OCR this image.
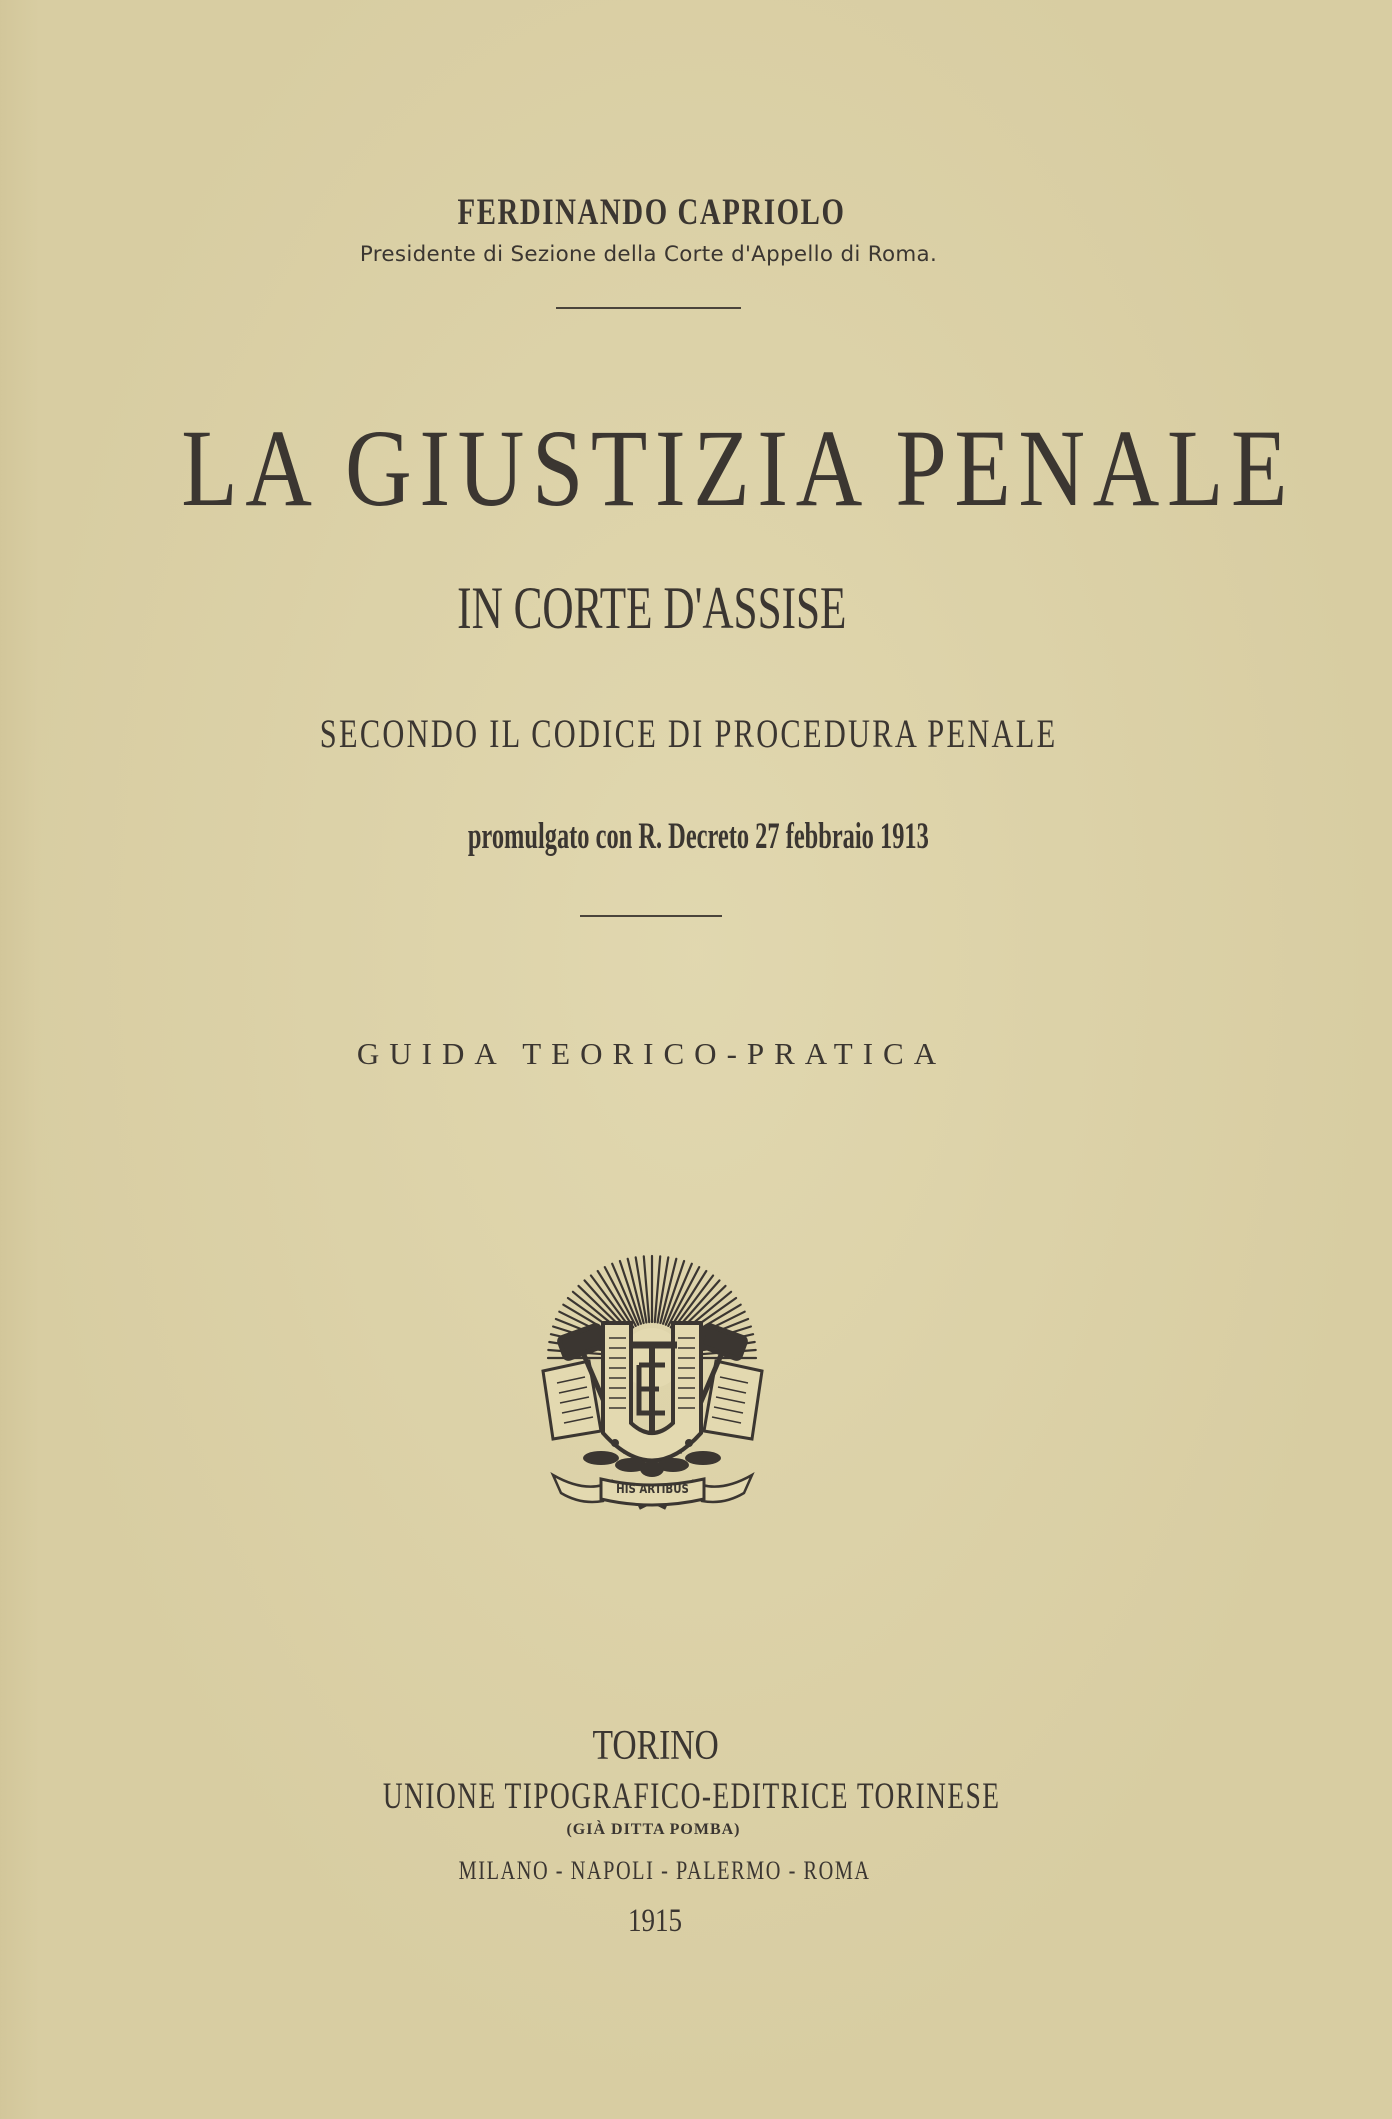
FERDINANDO CAPRIOLO
Presidente di Sezione della Corte d'Appello di Roma.
LA GIUSTIZIA PENALE
IN CORTE D'ASSISE
SECONDO IL CODICE DI PROCEDURA PENALE
promulgato con R. Decreto 27 febbraio 1913
GUIDA TEORICO-PRATICA
HIS ARTIBUS
TORINO
UNIONE TIPOGRAFICO-EDITRICE TORINESE
(GIÀ DITTA POMBA)
MILANO - NAPOLI - PALERMO - ROMA
1915
